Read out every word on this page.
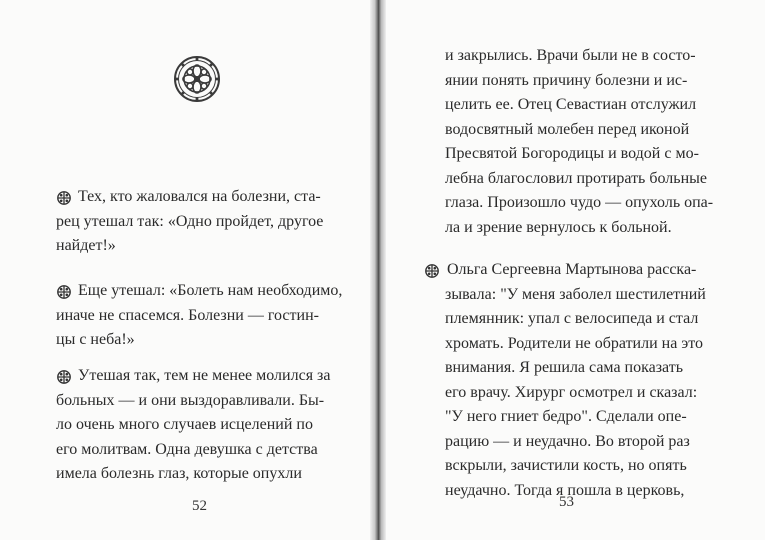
Тех, кто жаловался на болезни, ста-
рец утешал так: «Одно пройдет, другое
найдет!»
Еще утешал: «Болеть нам необходимо,
иначе не спасемся. Болезни — гостин-
цы с неба!»
Утешая так, тем не менее молился за
больных — и они выздоравливали. Бы-
ло очень много случаев исцелений по
его молитвам. Одна девушка с детства
имела болезнь глаз, которые опухли
52
и закрылись. Врачи были не в состо-
янии понять причину болезни и ис-
целить ее. Отец Севастиан отслужил
водосвятный молебен перед иконой
Пресвятой Богородицы и водой с мо-
лебна благословил протирать больные
глаза. Произошло чудо — опухоль опа-
ла и зрение вернулось к больной.
Ольга Сергеевна Мартынова расска-
зывала: "У меня заболел шестилетний
племянник: упал с велосипеда и стал
хромать. Родители не обратили на это
внимания. Я решила сама показать
его врачу. Хирург осмотрел и сказал:
"У него гниет бедро". Сделали опе-
рацию — и неудачно. Во второй раз
вскрыли, зачистили кость, но опять
неудачно. Тогда я пошла в церковь,
53
